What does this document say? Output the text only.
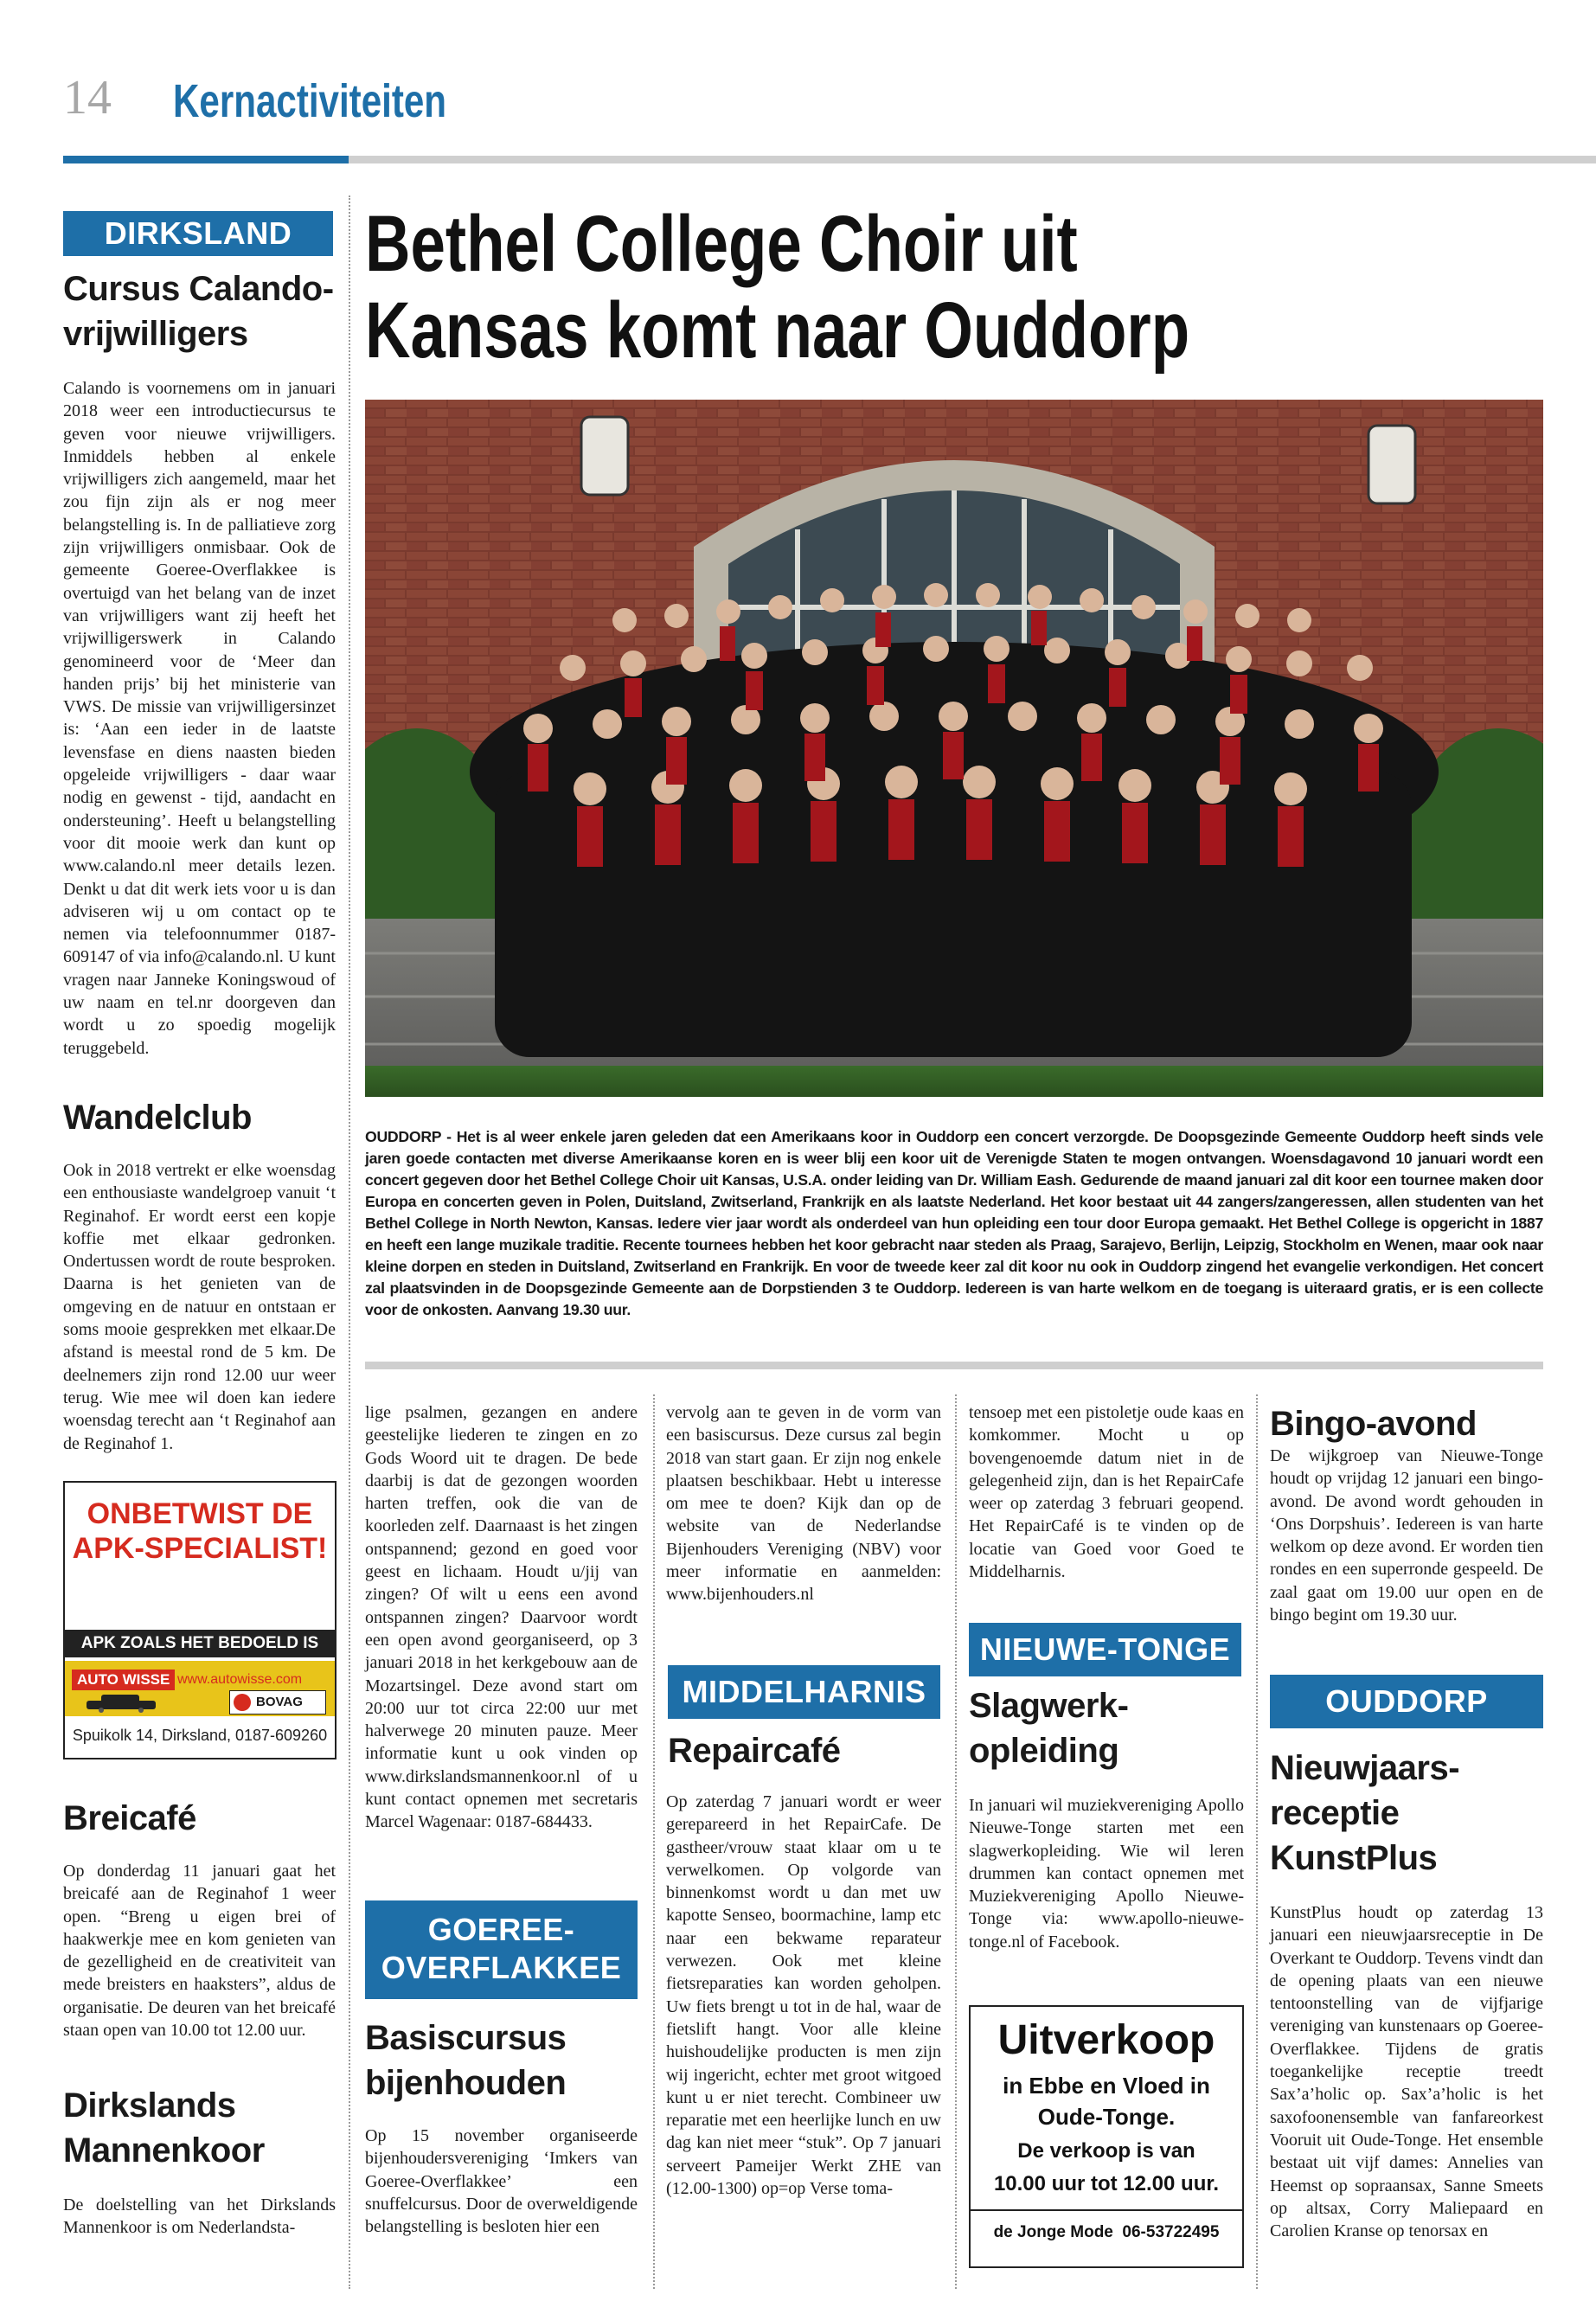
14 Kernactiviteiten
DIRKSLAND
Cursus Calando-vrijwilligers
Calando is voornemens om in januari 2018 weer een introductiecursus te geven voor nieuwe vrijwilligers. Inmiddels hebben al enkele vrijwilligers zich aangemeld, maar het zou fijn zijn als er nog meer belangstelling is. In de palliatieve zorg zijn vrijwilligers onmisbaar. Ook de gemeente Goeree-Overflakkee is overtuigd van het belang van de inzet van vrijwilligers want zij heeft het vrijwilligerswerk in Calando genomineerd voor de ‘Meer dan handen prijs’ bij het ministerie van VWS. De missie van vrijwilligersinzet is: ‘Aan een ieder in de laatste levensfase en diens naasten bieden opgeleide vrijwilligers - daar waar nodig en gewenst - tijd, aandacht en ondersteuning’. Heeft u belangstelling voor dit mooie werk dan kunt op www.calando.nl meer details lezen. Denkt u dat dit werk iets voor u is dan adviseren wij u om contact op te nemen via telefoonnummer 0187-609147 of via info@calando.nl. U kunt vragen naar Janneke Koningswoud of uw naam en tel.nr doorgeven dan wordt u zo spoedig mogelijk teruggebeld.
Wandelclub
Ook in 2018 vertrekt er elke woensdag een enthousiaste wandelgroep vanuit ‘t Reginahof. Er wordt eerst een kopje koffie met elkaar gedronken. Ondertussen wordt de route besproken. Daarna is het genieten van de omgeving en de natuur en ontstaan er soms mooie gesprekken met elkaar.De afstand is meestal rond de 5 km. De deelnemers zijn rond 12.00 uur weer terug. Wie mee wil doen kan iedere woensdag terecht aan ‘t Reginahof aan de Reginahof 1.
ONBETWIST DE APK-SPECIALIST!
APK ZOALS HET BEDOELD IS
AUTO WISSE www.autowisse.com
BOVAG
Spuikolk 14, Dirksland, 0187-609260
Breicafé
Op donderdag 11 januari gaat het breicafé aan de Reginahof 1 weer open. “Breng u eigen brei of haakwerkje mee en kom genieten van de gezelligheid en de creativiteit van mede breisters en haaksters”, aldus de organisatie. De deuren van het breicafé staan open van 10.00 tot 12.00 uur.
Dirkslands Mannenkoor
De doelstelling van het Dirkslands Mannenkoor is om Nederlandsta-
Bethel College Choir uit
Kansas komt naar Ouddorp
OUDDORP - Het is al weer enkele jaren geleden dat een Amerikaans koor in Ouddorp een concert verzorgde. De Doopsgezinde Gemeente Ouddorp heeft sinds vele jaren goede contacten met diverse Amerikaanse koren en is weer blij een koor uit de Verenigde Staten te mogen ontvangen. Woensdagavond 10 januari wordt een concert gegeven door het Bethel College Choir uit Kansas, U.S.A. onder leiding van Dr. William Eash. Gedurende de maand januari zal dit koor een tournee maken door Europa en concerten geven in Polen, Duitsland, Zwitserland, Frankrijk en als laatste Nederland. Het koor bestaat uit 44 zangers/zangeressen, allen studenten van het Bethel College in North Newton, Kansas. Iedere vier jaar wordt als onderdeel van hun opleiding een tour door Europa gemaakt. Het Bethel College is opgericht in 1887 en heeft een lange muzikale traditie. Recente tournees hebben het koor gebracht naar steden als Praag, Sarajevo, Berlijn, Leipzig, Stockholm en Wenen, maar ook naar kleine dorpen en steden in Duitsland, Zwitserland en Frankrijk. En voor de tweede keer zal dit koor nu ook in Ouddorp zingend het evangelie verkondigen. Het concert zal plaatsvinden in de Doopsgezinde Gemeente aan de Dorpstienden 3 te Ouddorp. Iedereen is van harte welkom en de toegang is uiteraard gratis, er is een collecte voor de onkosten. Aanvang 19.30 uur.
lige psalmen, gezangen en andere geestelijke liederen te zingen en zo Gods Woord uit te dragen. De bede daarbij is dat de gezongen woorden harten treffen, ook die van de koorleden zelf. Daarnaast is het zingen ontspannend; gezond en goed voor geest en lichaam. Houdt u/jij van zingen? Of wilt u eens een avond ontspannen zingen? Daarvoor wordt een open avond georganiseerd, op 3 januari 2018 in het kerkgebouw aan de Mozartsingel. Deze avond start om 20:00 uur tot circa 22:00 uur met halverwege 20 minuten pauze. Meer informatie kunt u ook vinden op www.dirkslandsmannenkoor.nl of u kunt contact opnemen met secretaris Marcel Wagenaar: 0187-684433.
GOEREE-
OVERFLAKKEE
Basiscursus bijenhouden
Op 15 november organiseerde bijenhoudersvereniging ‘Imkers van Goeree-Overflakkee’ een snuffelcursus. Door de overweldigende belangstelling is besloten hier een
vervolg aan te geven in de vorm van een basiscursus. Deze cursus zal begin 2018 van start gaan. Er zijn nog enkele plaatsen beschikbaar. Hebt u interesse om mee te doen? Kijk dan op de website van de Nederlandse Bijenhouders Vereniging (NBV) voor meer informatie en aanmelden: www.bijenhouders.nl
MIDDELHARNIS
Repaircafé
Op zaterdag 7 januari wordt er weer gerepareerd in het RepairCafe. De gastheer/vrouw staat klaar om u te verwelkomen. Op volgorde van binnenkomst wordt u dan met uw kapotte Senseo, boormachine, lamp etc naar een bekwame reparateur verwezen. Ook met kleine fietsreparaties kan worden geholpen. Uw fiets brengt u tot in de hal, waar de fietslift hangt. Voor alle kleine huishoudelijke producten is men zijn wij ingericht, echter met groot witgoed kunt u er niet terecht. Combineer uw reparatie met een heerlijke lunch en uw dag kan niet meer “stuk”. Op 7 januari serveert Pameijer Werkt ZHE van (12.00-1300) op=op Verse toma-
tensoep met een pistoletje oude kaas en komkommer. Mocht u op bovengenoemde datum niet in de gelegenheid zijn, dan is het RepairCafe weer op zaterdag 3 februari geopend. Het RepairCafé is te vinden op de locatie van Goed voor Goed te Middelharnis.
NIEUWE-TONGE
Slagwerk-opleiding
In januari wil muziekvereniging Apollo Nieuwe-Tonge starten met een slagwerkopleiding. Wie wil leren drummen kan contact opnemen met Muziekvereniging Apollo Nieuwe-Tonge via: www.apollo-nieuwe-tonge.nl of Facebook.
Uitverkoop
in Ebbe en Vloed in
Oude-Tonge.
De verkoop is van
10.00 uur tot 12.00 uur.
de Jonge Mode  06-53722495
Bingo-avond
De wijkgroep van Nieuwe-Tonge houdt op vrijdag 12 januari een bingo-avond. De avond wordt gehouden in ‘Ons Dorpshuis’. Iedereen is van harte welkom op deze avond. Er worden tien rondes en een superronde gespeeld. De zaal gaat om 19.00 uur open en de bingo begint om 19.30 uur.
OUDDORP
Nieuwjaars-receptie KunstPlus
KunstPlus houdt op zaterdag 13 januari een nieuwjaarsreceptie in De Overkant te Ouddorp. Tevens vindt dan de opening plaats van een nieuwe tentoonstelling van de vijfjarige vereniging van kunstenaars op Goeree-Overflakkee. Tijdens de gratis toegankelijke receptie treedt Sax’a’holic op. Sax’a’holic is het saxofoonensemble van fanfareorkest Vooruit uit Oude-Tonge. Het ensemble bestaat uit vijf dames: Annelies van Heemst op sopraansax, Sanne Smeets op altsax, Corry Maliepaard en Carolien Kranse op tenorsax en
